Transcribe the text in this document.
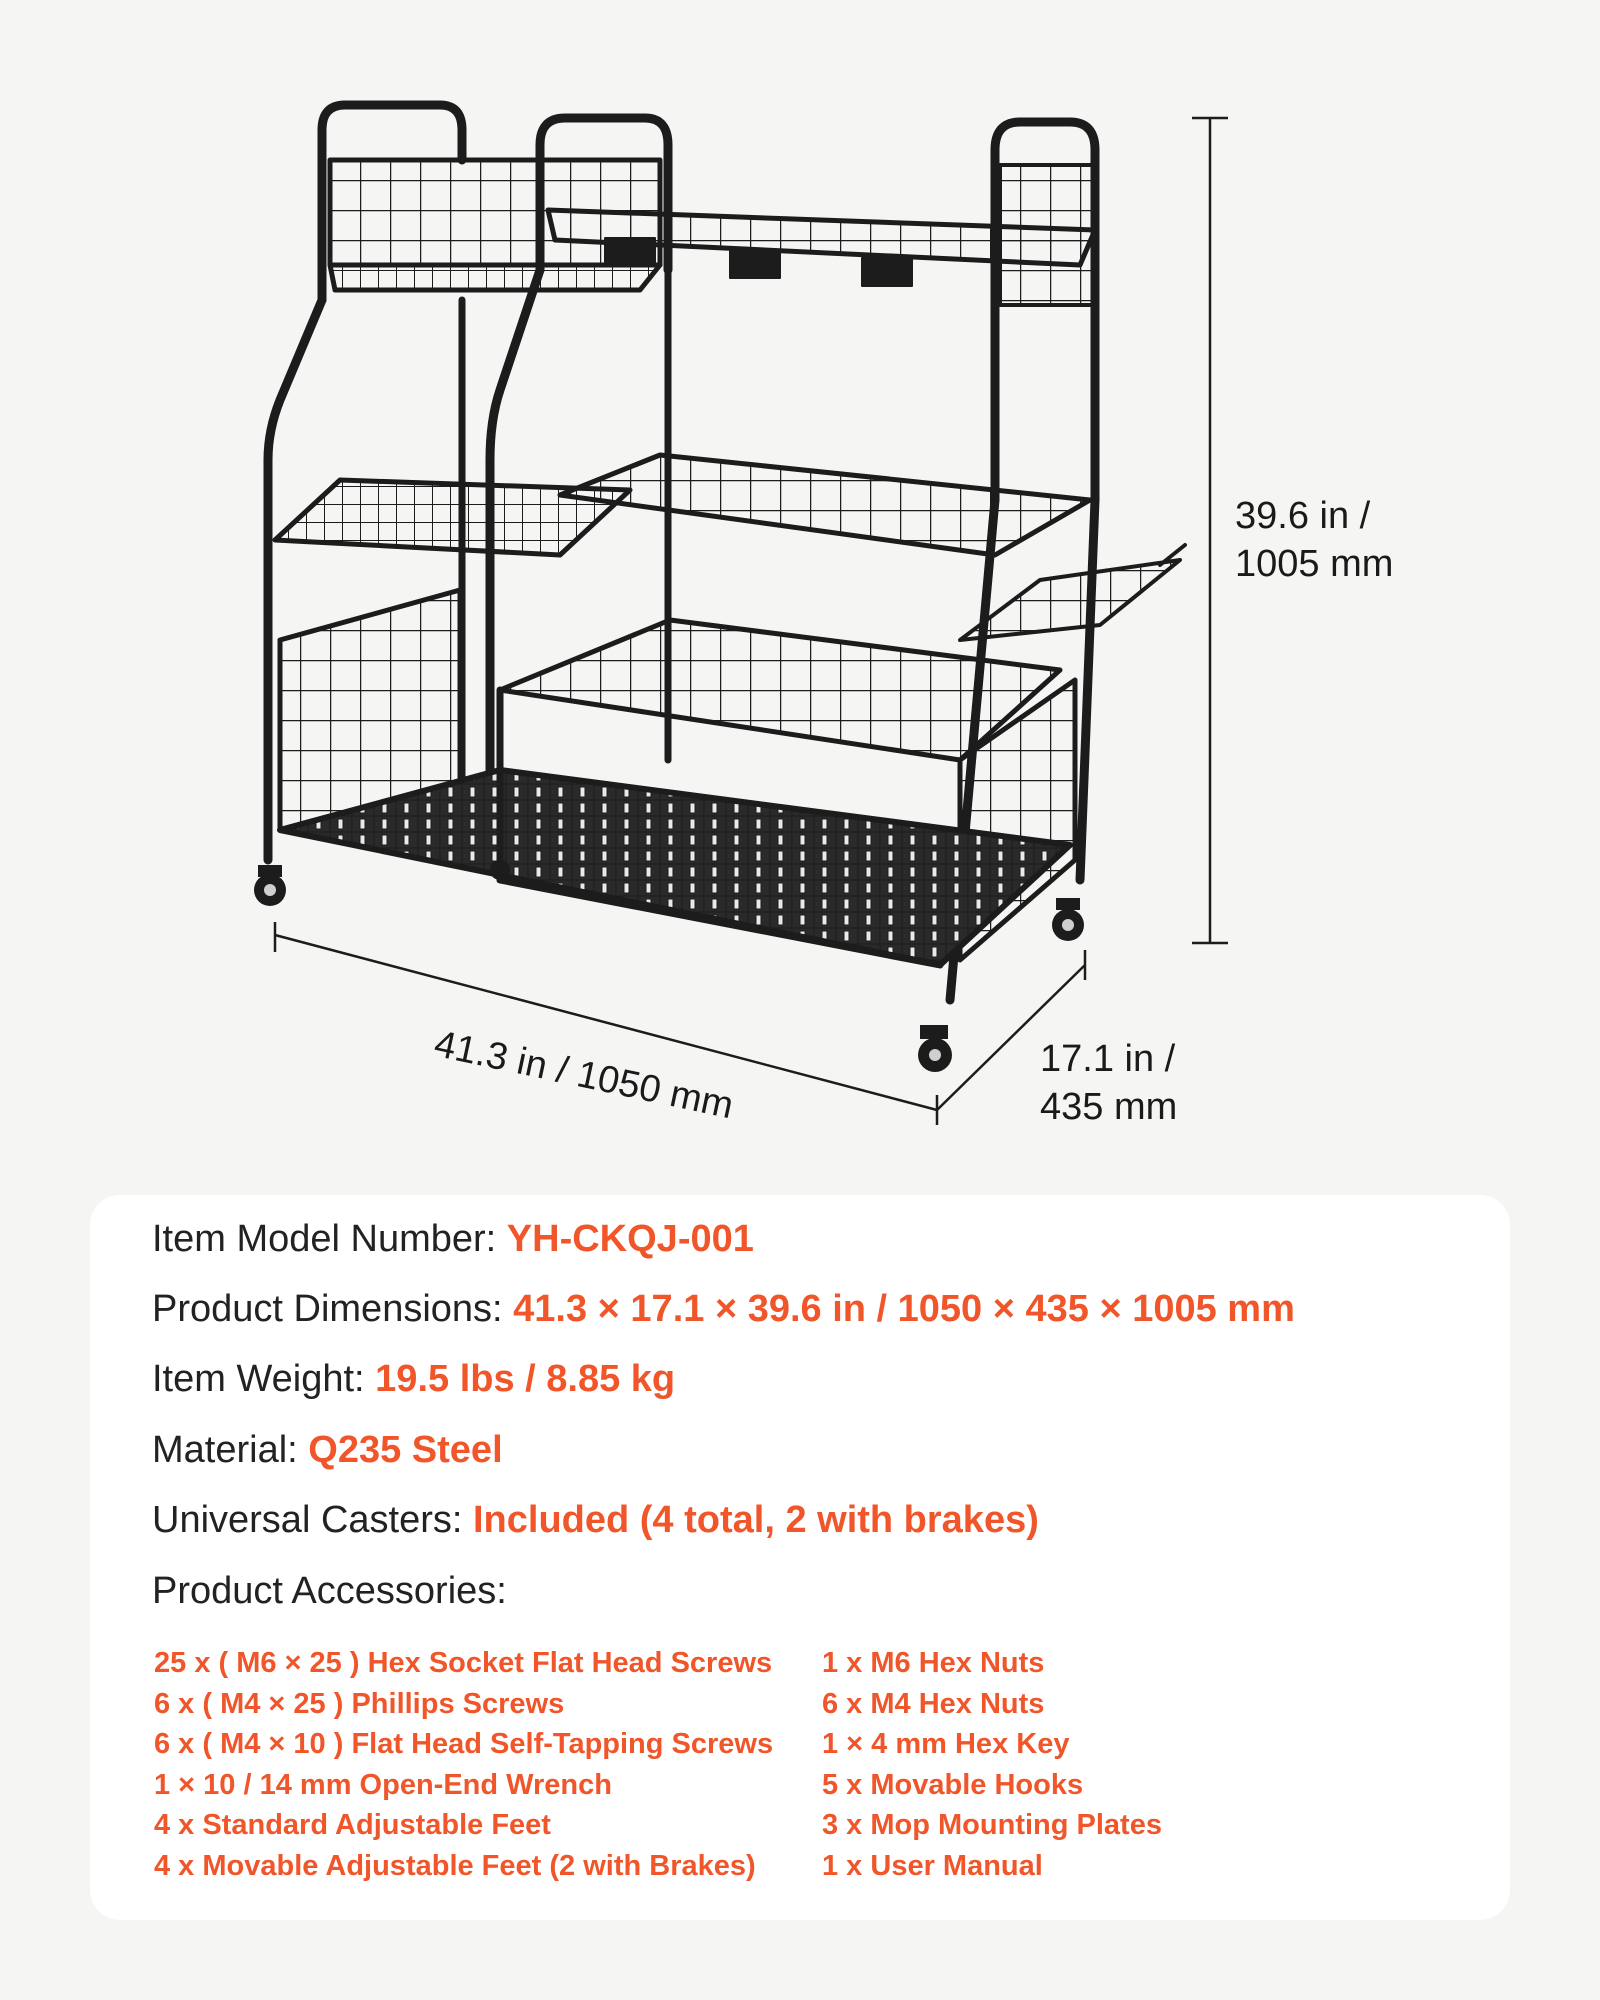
39.6 in /
1005 mm
41.3 in / 1050 mm	17.1 in /
435 mm
Item Model Number: YH-CKQJ-001
Product Dimensions: 41.3 × 17.1 × 39.6 in / 1050 × 435 × 1005 mm
Item Weight: 19.5 lbs / 8.85 kg
Material: Q235 Steel
Universal Casters: Included (4 total, 2 with brakes)
Product Accessories:
25 x ( M6 × 25 ) Hex Socket Flat Head Screws
6 x ( M4 × 25 ) Phillips Screws
6 x ( M4 × 10 ) Flat Head Self-Tapping Screws
1 × 10 / 14 mm Open-End Wrench
4 x Standard Adjustable Feet
4 x Movable Adjustable Feet (2 with Brakes)
1 x M6 Hex Nuts
6 x M4 Hex Nuts
1 × 4 mm Hex Key
5 x Movable Hooks
3 x Mop Mounting Plates
1 x User Manual
